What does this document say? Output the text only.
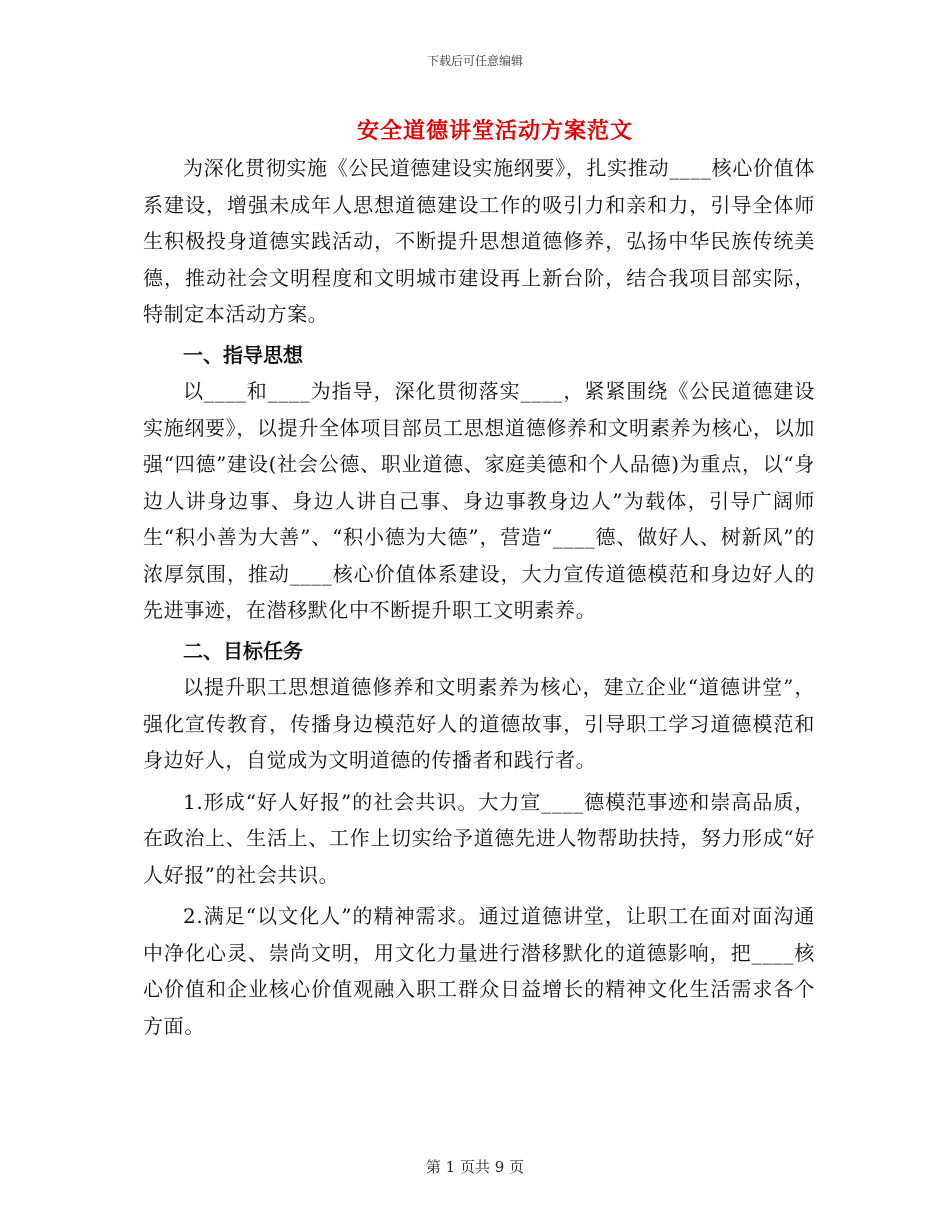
下载后可任意编辑
安全道德讲堂活动方案范文

为深化贯彻实施《公民道德建设实施纲要》，扎实推动____核心价值体系建设，增强未成年人思想道德建设工作的吸引力和亲和力，引导全体师生积极投身道德实践活动，不断提升思想道德修养，弘扬中华民族传统美德，推动社会文明程度和文明城市建设再上新台阶，结合我项目部实际，特制定本活动方案。

一、指导思想

以____和____为指导，深化贯彻落实____，紧紧围绕《公民道德建设实施纲要》，以提升全体项目部员工思想道德修养和文明素养为核心，以加强“四德”建设(社会公德、职业道德、家庭美德和个人品德)为重点，以“身边人讲身边事、身边人讲自己事、身边事教身边人”为载体，引导广阔师生“积小善为大善”、“积小德为大德”，营造“____德、做好人、树新风”的浓厚氛围，推动____核心价值体系建设，大力宣传道德模范和身边好人的先进事迹，在潜移默化中不断提升职工文明素养。

二、目标任务

以提升职工思想道德修养和文明素养为核心，建立企业“道德讲堂”，强化宣传教育，传播身边模范好人的道德故事，引导职工学习道德模范和身边好人，自觉成为文明道德的传播者和践行者。

1.形成“好人好报”的社会共识。大力宣____德模范事迹和崇高品质，在政治上、生活上、工作上切实给予道德先进人物帮助扶持，努力形成“好人好报”的社会共识。

2.满足“以文化人”的精神需求。通过道德讲堂，让职工在面对面沟通中净化心灵、崇尚文明，用文化力量进行潜移默化的道德影响，把____核心价值和企业核心价值观融入职工群众日益增长的精神文化生活需求各个方面。

第 1 页共 9 页
